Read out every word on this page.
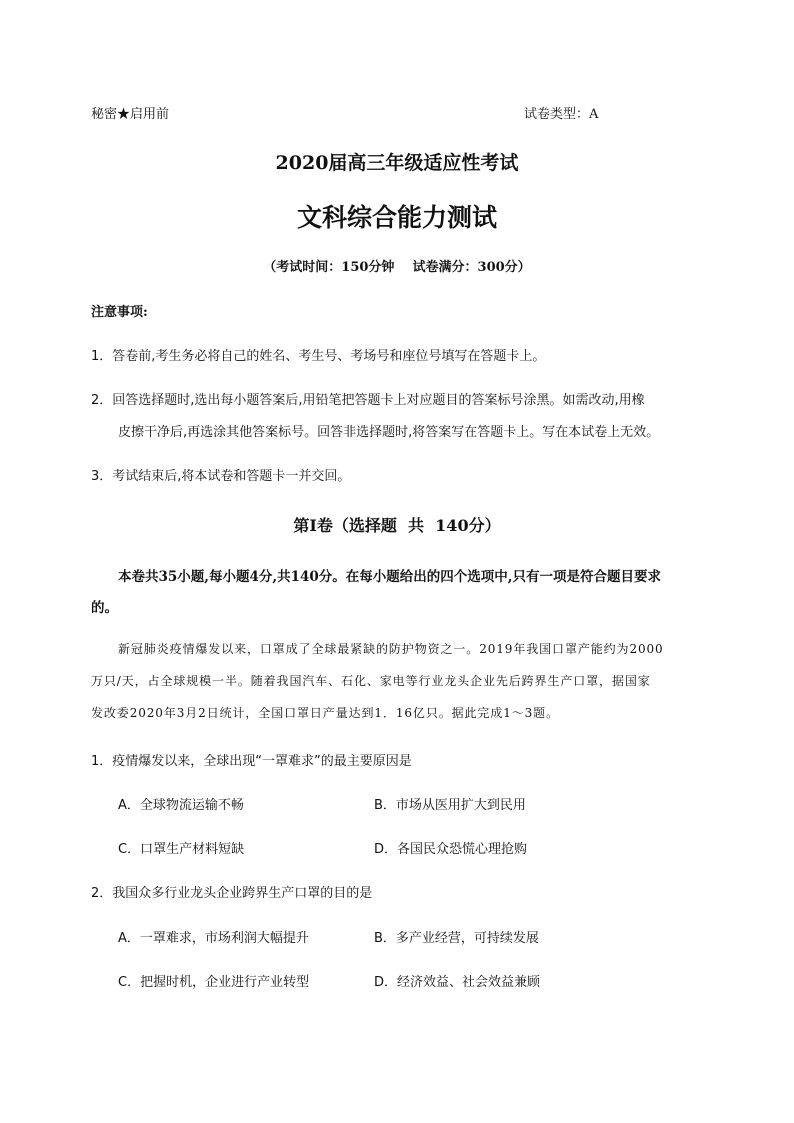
秘密★启用前	试卷类型：A
2020届高三年级适应性考试
文科综合能力测试
（考试时间：150分钟    试卷满分：300分）
注意事项:
1．答卷前,考生务必将自己的姓名、考生号、考场号和座位号填写在答题卡上。
2．回答选择题时,选出每小题答案后,用铅笔把答题卡上对应题目的答案标号涂黑。如需改动,用橡
皮擦干净后,再选涂其他答案标号。回答非选择题时,将答案写在答题卡上。写在本试卷上无效。
3．考试结束后,将本试卷和答题卡一并交回。
第Ⅰ卷（选择题  共  140分）
本卷共35小题,每小题4分,共140分。在每小题给出的四个选项中,只有一项是符合题目要求
的。
新冠肺炎疫情爆发以来，口罩成了全球最紧缺的防护物资之一。2019年我国口罩产能约为2000
万只/天，占全球规模一半。随着我国汽车、石化、家电等行业龙头企业先后跨界生产口罩，据国家
发改委2020年3月2日统计，全国口罩日产量达到1．16亿只。据此完成1～3题。
1．疫情爆发以来，全球出现“一罩难求”的最主要原因是
A．全球物流运输不畅	B．市场从医用扩大到民用
C．口罩生产材料短缺	D．各国民众恐慌心理抢购
2．我国众多行业龙头企业跨界生产口罩的目的是
A．一罩难求，市场利润大幅提升	B．多产业经营，可持续发展
C．把握时机，企业进行产业转型	D．经济效益、社会效益兼顾
